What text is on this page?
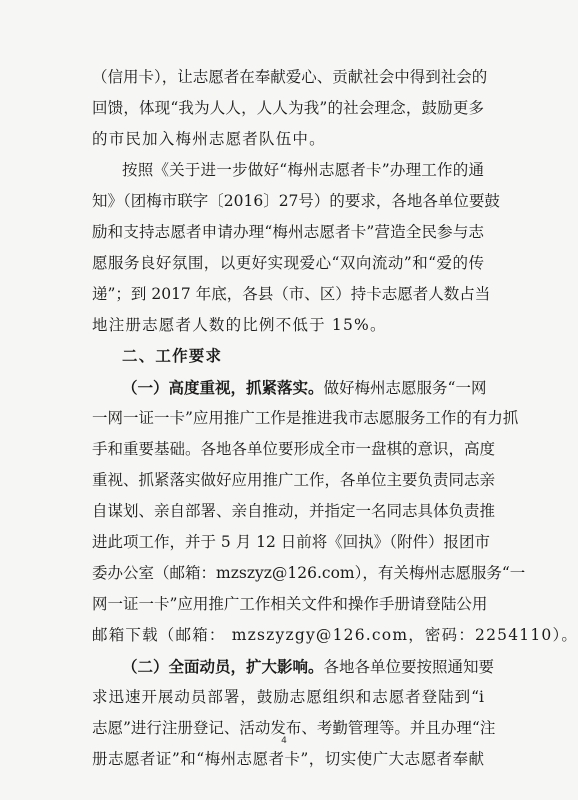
（信用卡），让志愿者在奉献爱心、贡献社会中得到社会的
回馈，体现“我为人人，人人为我”的社会理念，鼓励更多
的市民加入梅州志愿者队伍中。
按照《关于进一步做好“梅州志愿者卡”办理工作的通
知》（团梅市联字〔2016〕27号）的要求，各地各单位要鼓
励和支持志愿者申请办理“梅州志愿者卡”营造全民参与志
愿服务良好氛围，以更好实现爱心“双向流动”和“爱的传
递”；到 2017 年底，各县（市、区）持卡志愿者人数占当
地注册志愿者人数的比例不低于 15%。
二、工作要求
（一）高度重视，抓紧落实。做好梅州志愿服务“一网
一网一证一卡”应用推广工作是推进我市志愿服务工作的有力抓
手和重要基础。各地各单位要形成全市一盘棋的意识，高度
重视、抓紧落实做好应用推广工作，各单位主要负责同志亲
自谋划、亲自部署、亲自推动，并指定一名同志具体负责推
进此项工作，并于 5 月 12 日前将《回执》（附件）报团市
委办公室（邮箱：mzszyz@126.com），有关梅州志愿服务“一
网一证一卡”应用推广工作相关文件和操作手册请登陆公用
邮箱下载（邮箱： mzszyzgy@126.com，密码：2254110）。
（二）全面动员，扩大影响。各地各单位要按照通知要
求迅速开展动员部署，鼓励志愿组织和志愿者登陆到“i
志愿”进行注册登记、活动发布、考勤管理等。并且办理“注
册志愿者证”和“梅州志愿者卡”，切实使广大志愿者奉献
4
